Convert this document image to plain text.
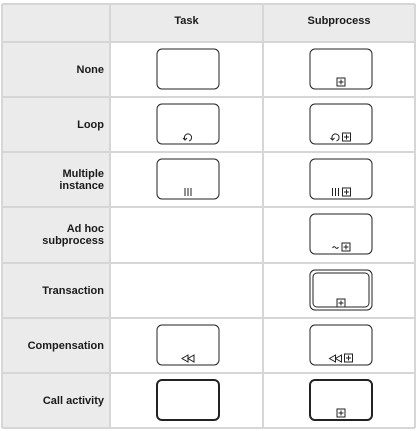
Task	Subprocess
None
Loop
Multiple
instance
Ad hoc
subprocess
Transaction
Compensation
Call activity
